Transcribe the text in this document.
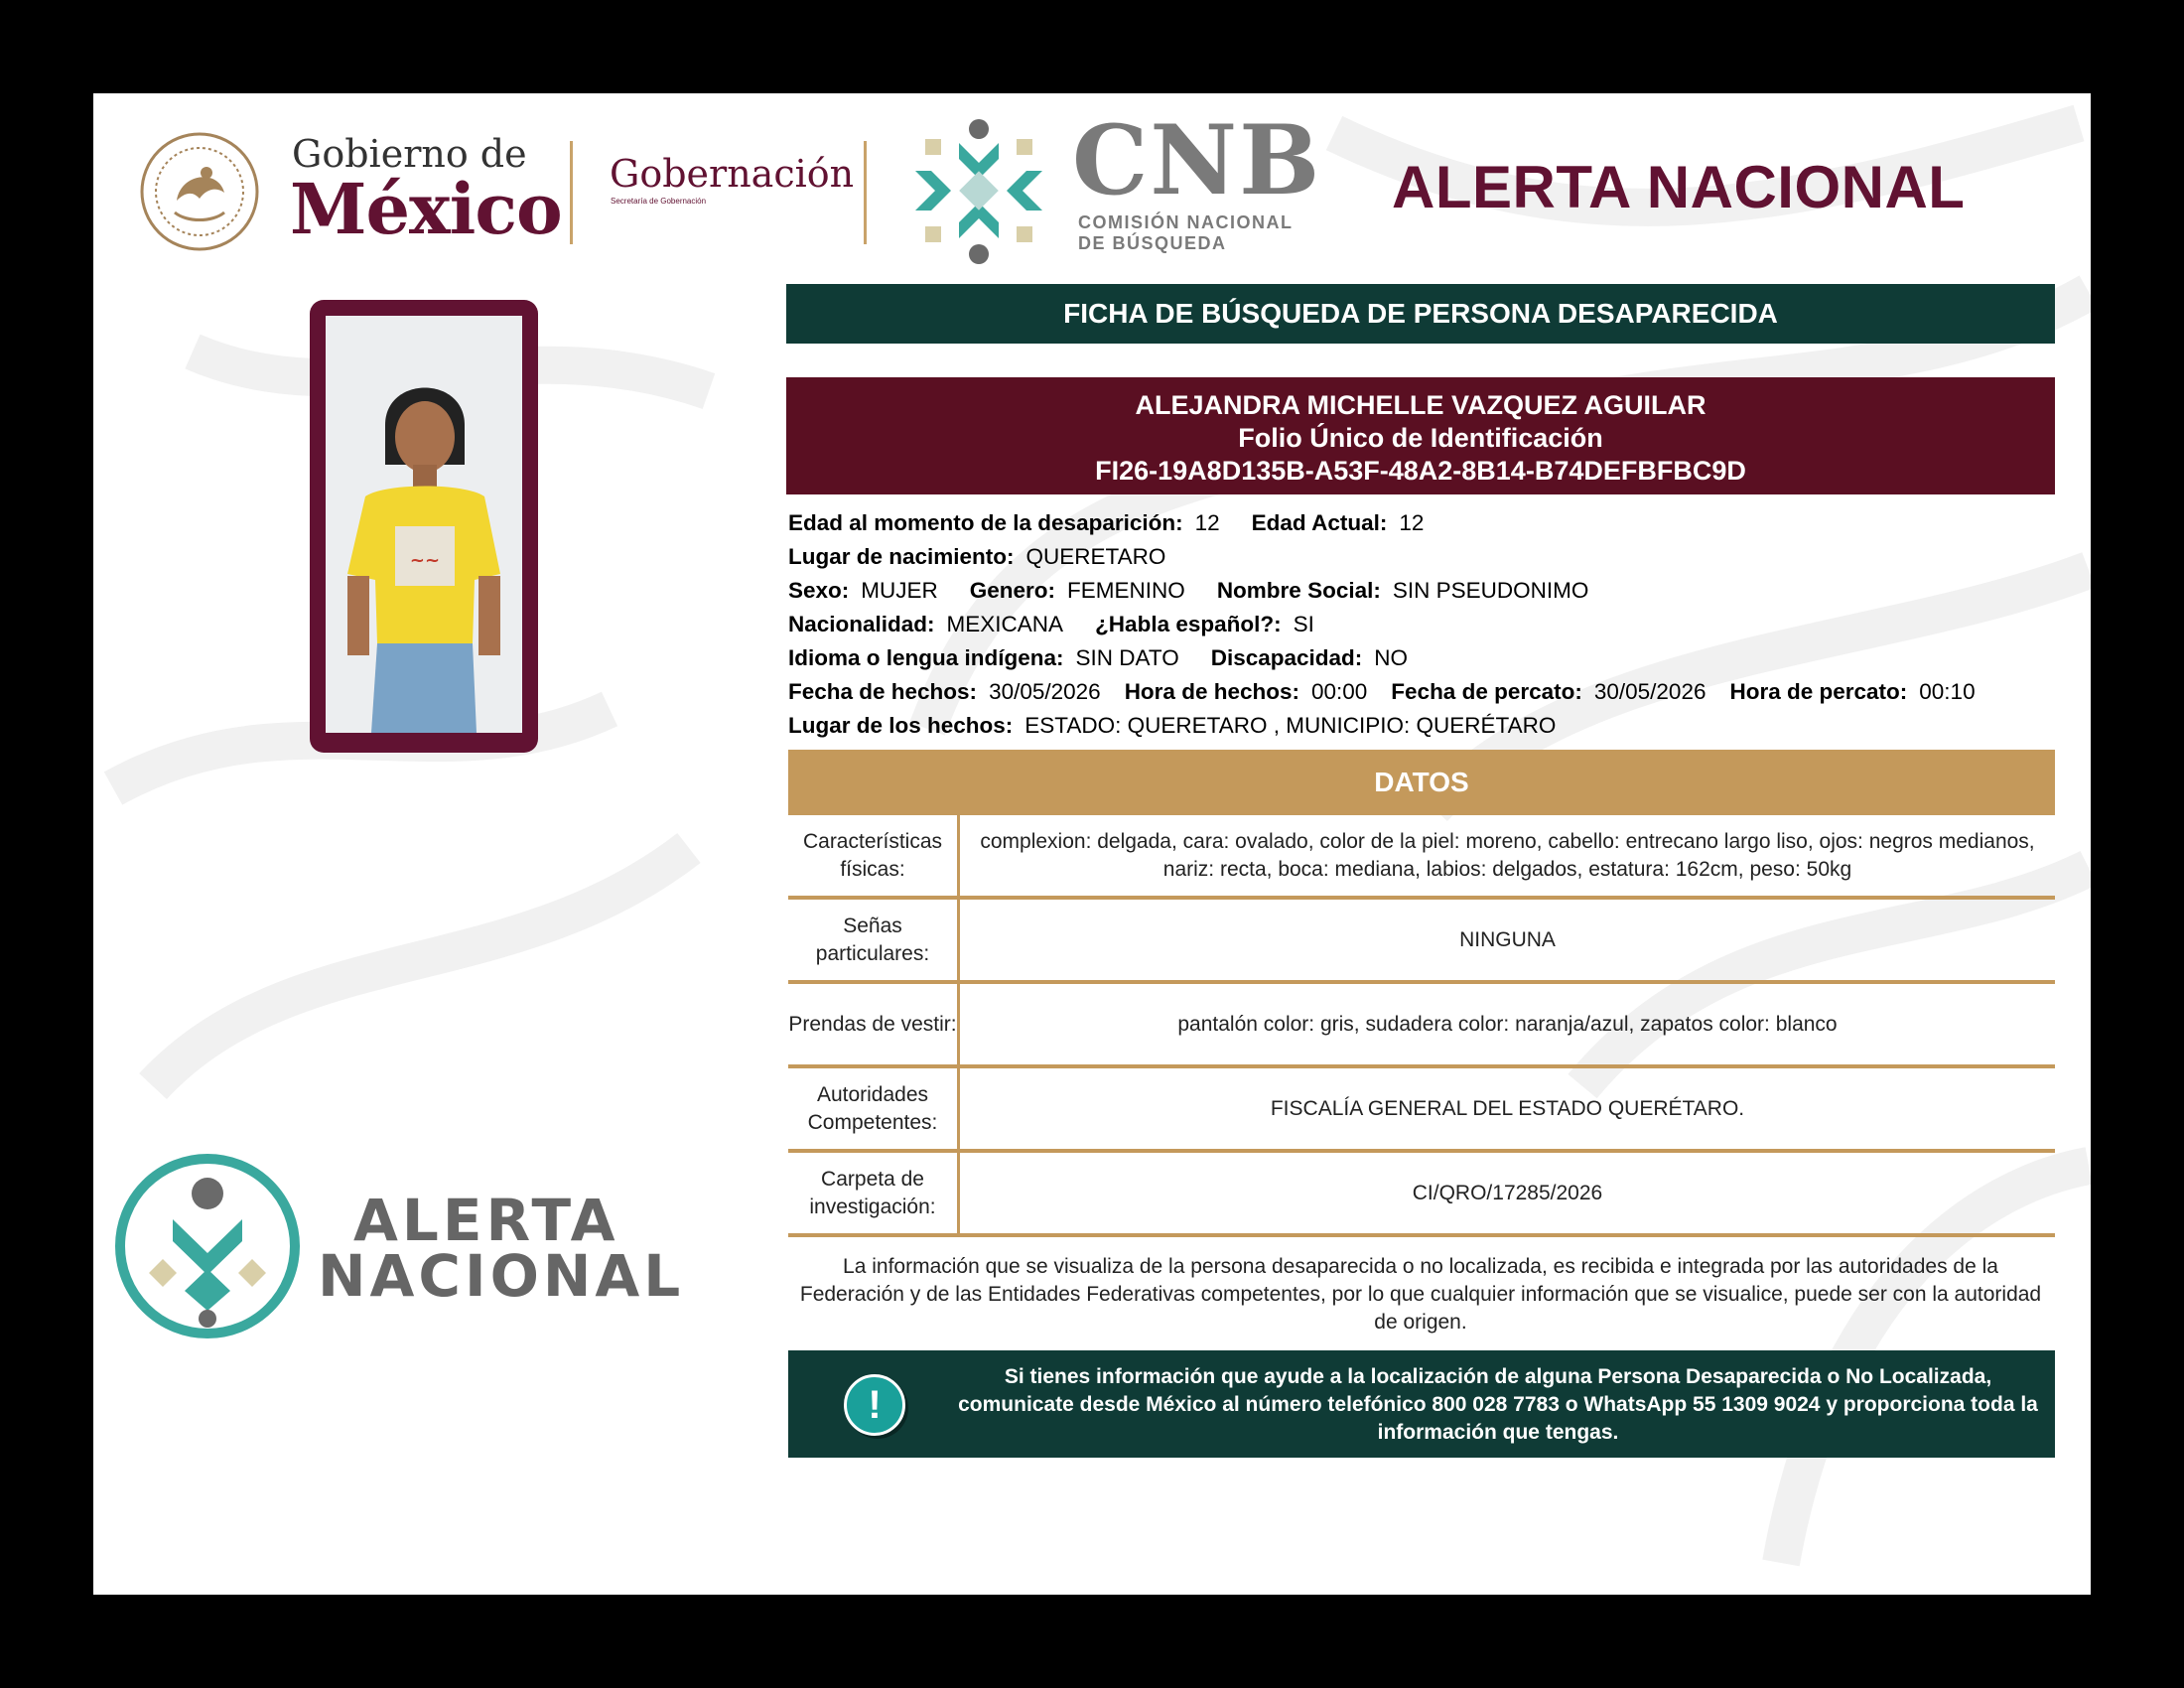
Gobierno de
México Gobernación
Secretaría de Gobernación	CNB
COMISIÓN NACIONAL
DE BÚSQUEDA
ALERTA NACIONAL
~~
ALERTA
NACIONAL
FICHA DE BÚSQUEDA DE PERSONA DESAPARECIDA
ALEJANDRA MICHELLE VAZQUEZ AGUILAR
Folio Único de Identificación
FI26-19A8D135B-A53F-48A2-8B14-B74DEFBFBC9D
Edad al momento de la desaparición: 12 Edad Actual: 12
Lugar de nacimiento: QUERETARO
Sexo: MUJER Genero: FEMENINO Nombre Social: SIN PSEUDONIMO
Nacionalidad: MEXICANA ¿Habla español?: SI
Idioma o lengua indígena: SIN DATO Discapacidad: NO
Fecha de hechos: 30/05/2026 Hora de hechos: 00:00 Fecha de percato: 30/05/2026 Hora de percato: 00:10
Lugar de los hechos: ESTADO: QUERETARO , MUNICIPIO: QUERÉTARO
DATOS
Características físicas:
complexion: delgada, cara: ovalado, color de la piel: moreno, cabello: entrecano largo liso, ojos: negros medianos, nariz: recta, boca: mediana, labios: delgados, estatura: 162cm, peso: 50kg
Señas particulares:
NINGUNA
Prendas de vestir:	pantalón color: gris, sudadera color: naranja/azul, zapatos color: blanco
Autoridades Competentes:
FISCALÍA GENERAL DEL ESTADO QUERÉTARO.
Carpeta de investigación:
CI/QRO/17285/2026
La información que se visualiza de la persona desaparecida o no localizada, es recibida e integrada por las autoridades de la Federación y de las Entidades Federativas competentes, por lo que cualquier información que se visualice, puede ser con la autoridad de origen.
!
Si tienes información que ayude a la localización de alguna Persona Desaparecida o No Localizada, comunicate desde México al número telefónico 800 028 7783 o WhatsApp 55 1309 9024 y proporciona toda la información que tengas.
